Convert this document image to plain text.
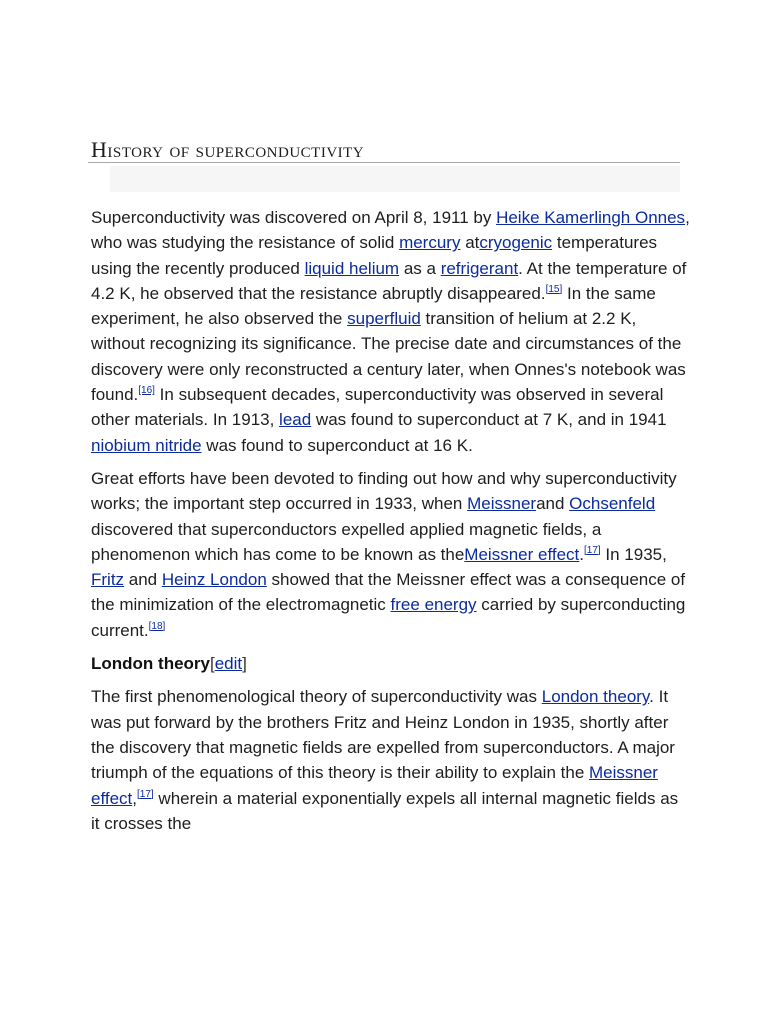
History of superconductivity

Superconductivity was discovered on April 8, 1911 by Heike Kamerlingh Onnes, who was studying the resistance of solid mercury atcryogenic temperatures using the recently produced liquid helium as a refrigerant. At the temperature of 4.2 K, he observed that the resistance abruptly disappeared.[15] In the same experiment, he also observed the superfluid transition of helium at 2.2 K, without recognizing its significance. The precise date and circumstances of the discovery were only reconstructed a century later, when Onnes's notebook was found.[16] In subsequent decades, superconductivity was observed in several other materials. In 1913, lead was found to superconduct at 7 K, and in 1941 niobium nitride was found to superconduct at 16 K.

Great efforts have been devoted to finding out how and why superconductivity works; the important step occurred in 1933, when Meissnerand Ochsenfeld discovered that superconductors expelled applied magnetic fields, a phenomenon which has come to be known as theMeissner effect.[17] In 1935, Fritz and Heinz London showed that the Meissner effect was a consequence of the minimization of the electromagnetic free energy carried by superconducting current.[18]

London theory[edit]

The first phenomenological theory of superconductivity was London theory. It was put forward by the brothers Fritz and Heinz London in 1935, shortly after the discovery that magnetic fields are expelled from superconductors. A major triumph of the equations of this theory is their ability to explain the Meissner effect,[17] wherein a material exponentially expels all internal magnetic fields as it crosses the
